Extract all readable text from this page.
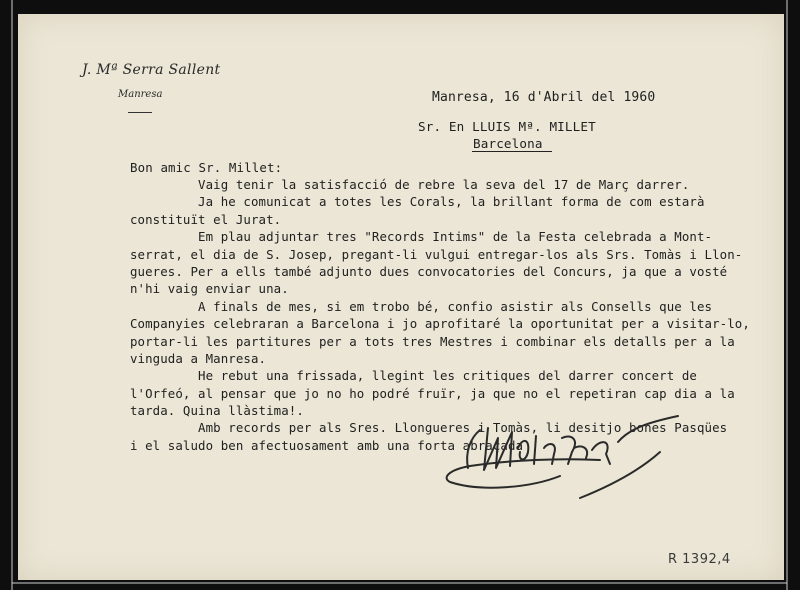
J. Mª Serra Sallent
Manresa	Manresa, 16 d'Abril del 1960
Sr. En LLUIS Mª. MILLET
Barcelona
Bon amic Sr. Millet:
Vaig tenir la satisfacció de rebre la seva del 17 de Març darrer.
Ja he comunicat a totes les Corals, la brillant forma de com estarà
constituït el Jurat.
Em plau adjuntar tres "Records Intims" de la Festa celebrada a Mont-
serrat, el dia de S. Josep, pregant-li vulgui entregar-los als Srs. Tomàs i Llon-
gueres. Per a ells també adjunto dues convocatories del Concurs, ja que a vosté
n'hi vaig enviar una.
A finals de mes, si em trobo bé, confio asistir als Consells que les
Companyies celebraran a Barcelona i jo aprofitaré la oportunitat per a visitar-lo,
portar-li les partitures per a tots tres Mestres i combinar els detalls per a la
vinguda a Manresa.
He rebut una frissada, llegint les critiques del darrer concert de
l'Orfeó, al pensar que jo no ho podré fruïr, ja que no el repetiran cap dia a la
tarda. Quina llàstima!.
Amb records per als Sres. Llongueres i Tomàs, li desitjo bones Pasqües
i el saludo ben afectuosament amb una forta abraçada
R 1392,4
